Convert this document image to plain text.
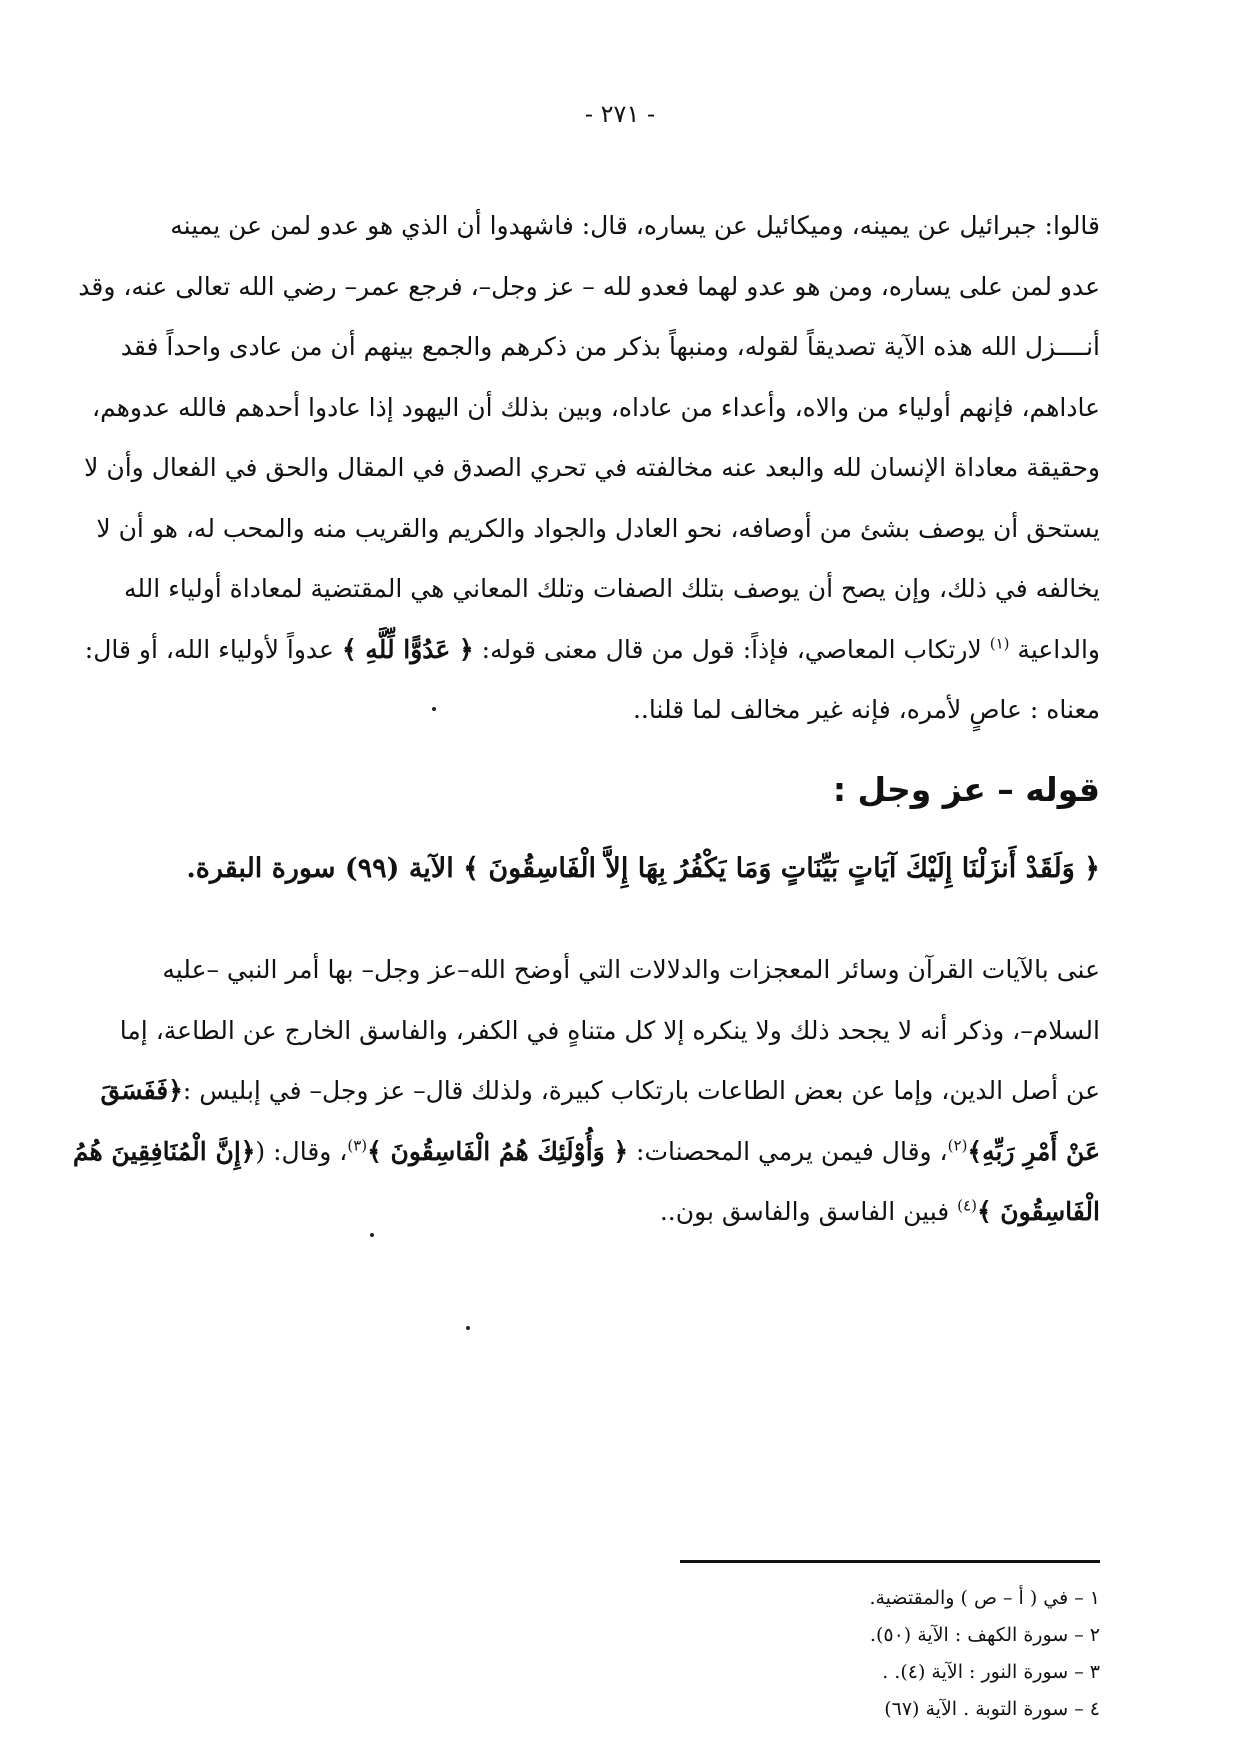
- ٢٧١ -
قالوا: جبرائيل عن يمينه، وميكائيل عن يساره، قال: فاشهدوا أن الذي هو عدو لمن عن يمينه
عدو لمن على يساره، ومن هو عدو لهما فعدو لله – عز وجل–، فرجع عمر– رضي الله تعالى عنه، وقد
أنــــزل الله هذه الآية تصديقاً لقوله، ومنبهاً بذكر من ذكرهم والجمع بينهم أن من عادى واحداً فقد
عاداهم، فإنهم أولياء من والاه، وأعداء من عاداه، وبين بذلك أن اليهود إذا عادوا أحدهم فالله عدوهم،
وحقيقة معاداة الإنسان لله والبعد عنه مخالفته في تحري الصدق في المقال والحق في الفعال وأن لا
يستحق أن يوصف بشئ من أوصافه، نحو العادل والجواد والكريم والقريب منه والمحب له، هو أن لا
يخالفه في ذلك، وإن يصح أن يوصف بتلك الصفات وتلك المعاني هي المقتضية لمعاداة أولياء الله
والداعية $^{(١)}$ لارتكاب المعاصي، فإذاً: قول من قال معنى قوله: ﴿ عَدُوًّا لِّلَّهِ ﴾ عدواً لأولياء الله، أو قال:
معناه : عاصٍ لأمره، فإنه غير مخالف لما قلنا..
قوله – عز وجل :
﴿ وَلَقَدْ أَنزَلْنَا إِلَيْكَ آيَاتٍ بَيِّنَاتٍ وَمَا يَكْفُرُ بِهَا إِلاَّ الْفَاسِقُونَ ﴾ الآية (٩٩) سورة البقرة.
عنى بالآيات القرآن وسائر المعجزات والدلالات التي أوضح الله–عز وجل– بها أمر النبي –عليه
السلام–، وذكر أنه لا يجحد ذلك ولا ينكره إلا كل متناهٍ في الكفر، والفاسق الخارج عن الطاعة، إما
عن أصل الدين، وإما عن بعض الطاعات بارتكاب كبيرة، ولذلك قال– عز وجل– في إبليس :﴿فَفَسَقَ
عَنْ أَمْرِ رَبِّهِ﴾$^{(٢)}$، وقال فيمن يرمي المحصنات: ﴿ وَأُوْلَئِكَ هُمُ الْفَاسِقُونَ ﴾$^{(٣)}$، وقال: (﴿إِنَّ الْمُنَافِقِينَ هُمُ
الْفَاسِقُونَ ﴾$^{(٤)}$ فبين الفاسق والفاسق بون..
١ – في ( أ – ص ) والمقتضية.
٢ – سورة الكهف : الآية (٥٠).
٣ – سورة النور : الآية (٤). .
٤ – سورة التوبة . الآية (٦٧)
